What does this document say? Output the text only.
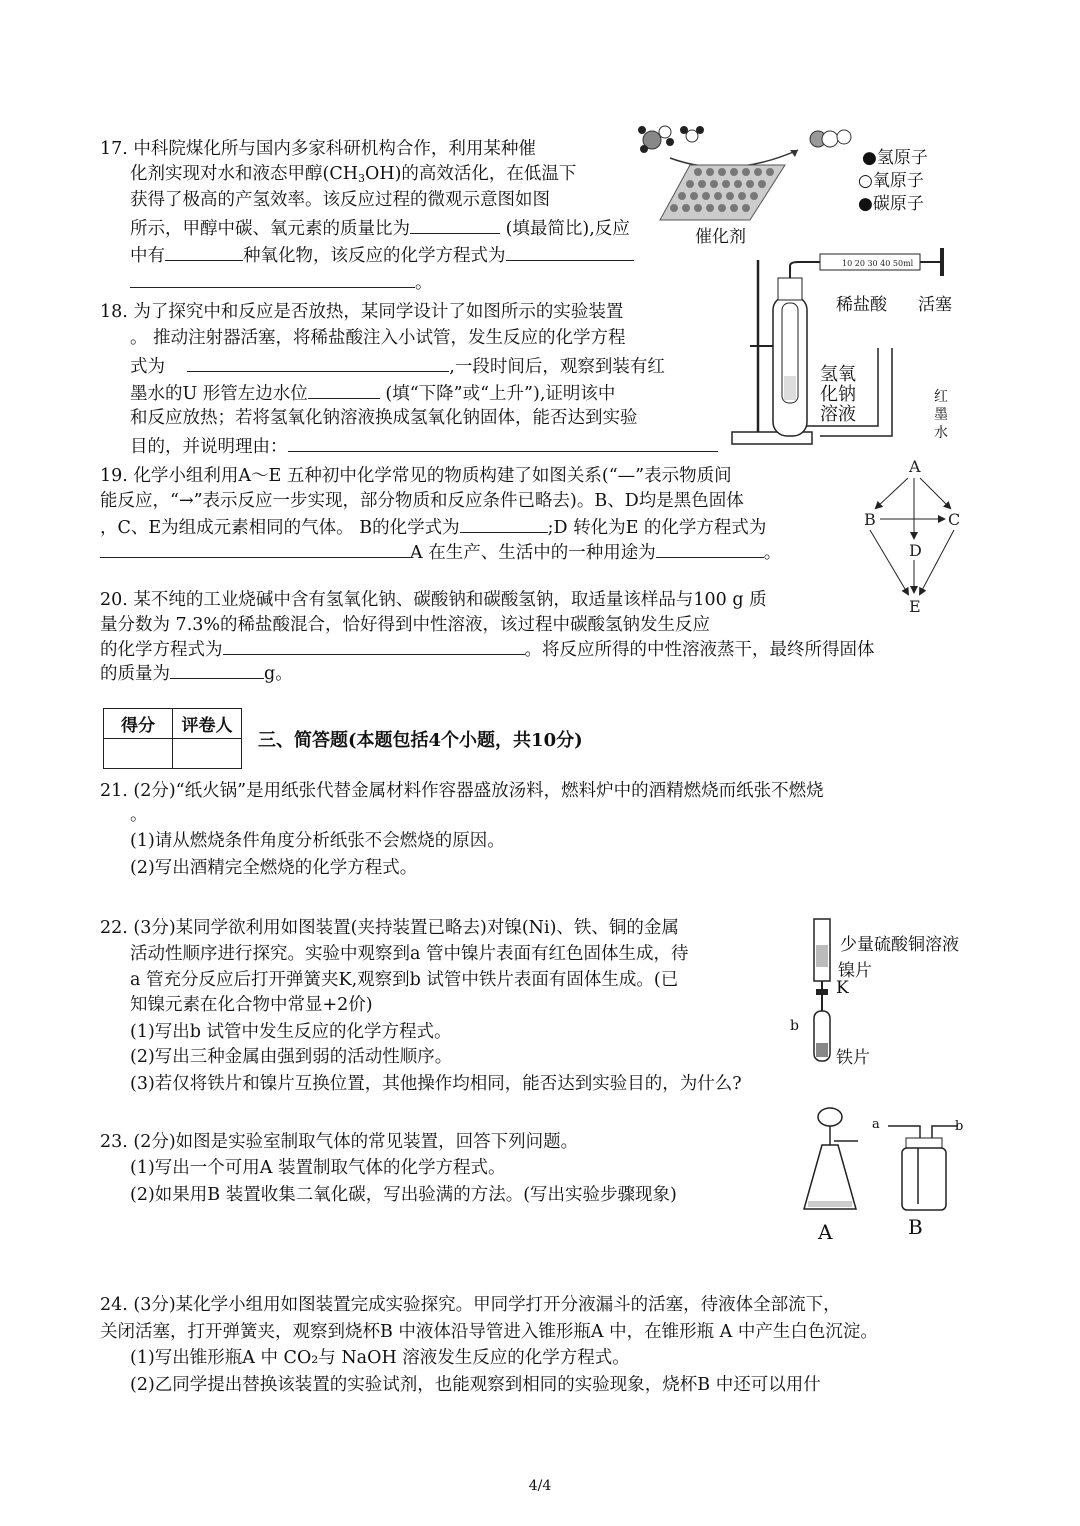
17. 中科院煤化所与国内多家科研机构合作，利用某种催
化剂实现对水和液态甲醇$(CH_3OH)$的高效活化，在低温下
获得了极高的产氢效率。该反应过程的微观示意图如图
所示，甲醇中碳、氧元素的质量比为	(填最简比),反应
中有	种氧化物，该反应的化学方程式为
。
●氢原子
○氧原子
●碳原子
催化剂
18. 为了探究中和反应是否放热，某同学设计了如图所示的实验装置
。 推动注射器活塞，将稀盐酸注入小试管，发生反应的化学方程
式为	,一段时间后，观察到装有红
墨水的U 形管左边水位	(填“下降”或“上升”),证明该中
和反应放热；若将氢氧化钠溶液换成氢氧化钠固体，能否达到实验
目的，并说明理由：
10 20 30 40 50ml
稀盐酸 活塞
氢氧
化钠
溶液
红
墨
水
19. 化学小组利用A～E 五种初中化学常见的物质构建了如图关系(“—”表示物质间
能反应，“→”表示反应一步实现，部分物质和反应条件已略去)。B、D均是黑色固体
，C、E为组成元素相同的气体。 B的化学式为	;D 转化为E 的化学方程式为
A 在生产、生活中的一种用途为	。
A
B	C
D
E
20. 某不纯的工业烧碱中含有氢氧化钠、碳酸钠和碳酸氢钠，取适量该样品与100 g 质
量分数为 7.3%的稀盐酸混合，恰好得到中性溶液，该过程中碳酸氢钠发生反应
的化学方程式为	。将反应所得的中性溶液蒸干，最终所得固体
的质量为	g。
得分	评卷人

三、简答题(本题包括4个小题，共10分)
21. (2分)“纸火锅”是用纸张代替金属材料作容器盛放汤料，燃料炉中的酒精燃烧而纸张不燃烧
。
(1)请从燃烧条件角度分析纸张不会燃烧的原因。
(2)写出酒精完全燃烧的化学方程式。
22. (3分)某同学欲利用如图装置(夹持装置已略去)对镍(Ni)、铁、铜的金属
活动性顺序进行探究。实验中观察到a 管中镍片表面有红色固体生成，待
a 管充分反应后打开弹簧夹K,观察到b 试管中铁片表面有固体生成。(已
知镍元素在化合物中常显+2价)
(1)写出b 试管中发生反应的化学方程式。
(2)写出三种金属由强到弱的活动性顺序。
(3)若仅将铁片和镍片互换位置，其他操作均相同，能否达到实验目的，为什么?
少量硫酸铜溶液
镍片
K
b
铁片
23. (2分)如图是实验室制取气体的常见装置，回答下列问题。
(1)写出一个可用A 装置制取气体的化学方程式。
(2)如果用B 装置收集二氧化碳，写出验满的方法。(写出实验步骤现象)
a	b
A	B
24. (3分)某化学小组用如图装置完成实验探究。甲同学打开分液漏斗的活塞，待液体全部流下，
关闭活塞，打开弹簧夹，观察到烧杯B 中液体沿导管进入锥形瓶A 中，在锥形瓶 A 中产生白色沉淀。
(1)写出锥形瓶A 中 CO₂与 NaOH 溶液发生反应的化学方程式。
(2)乙同学提出替换该装置的实验试剂，也能观察到相同的实验现象，烧杯B 中还可以用什
4/4
